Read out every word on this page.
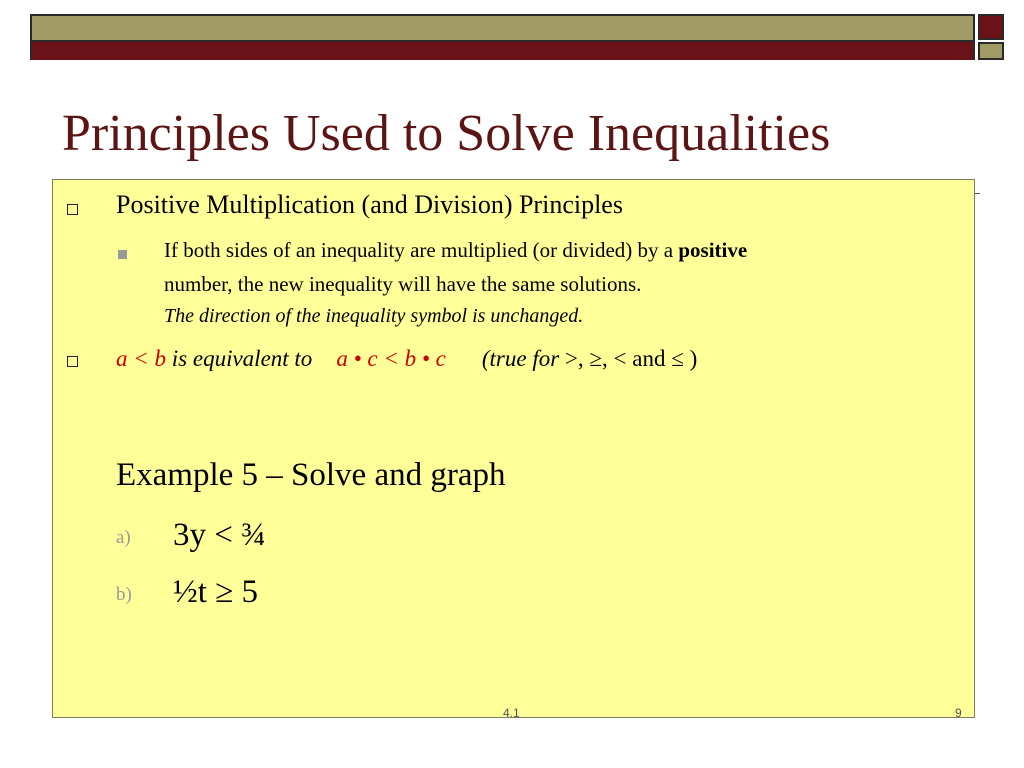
Principles Used to Solve Inequalities
Positive Multiplication (and Division) Principles
If both sides of an inequality are multiplied (or divided) by a positive
number, the new inequality will have the same solutions.
The direction of the inequality symbol is unchanged.
a < b is equivalent to a • c < b • c (true for >, ≥, < and ≤ )
Example 5 – Solve and graph
a) 3y < ¾
b) ½t ≥ 5
4.1	9
